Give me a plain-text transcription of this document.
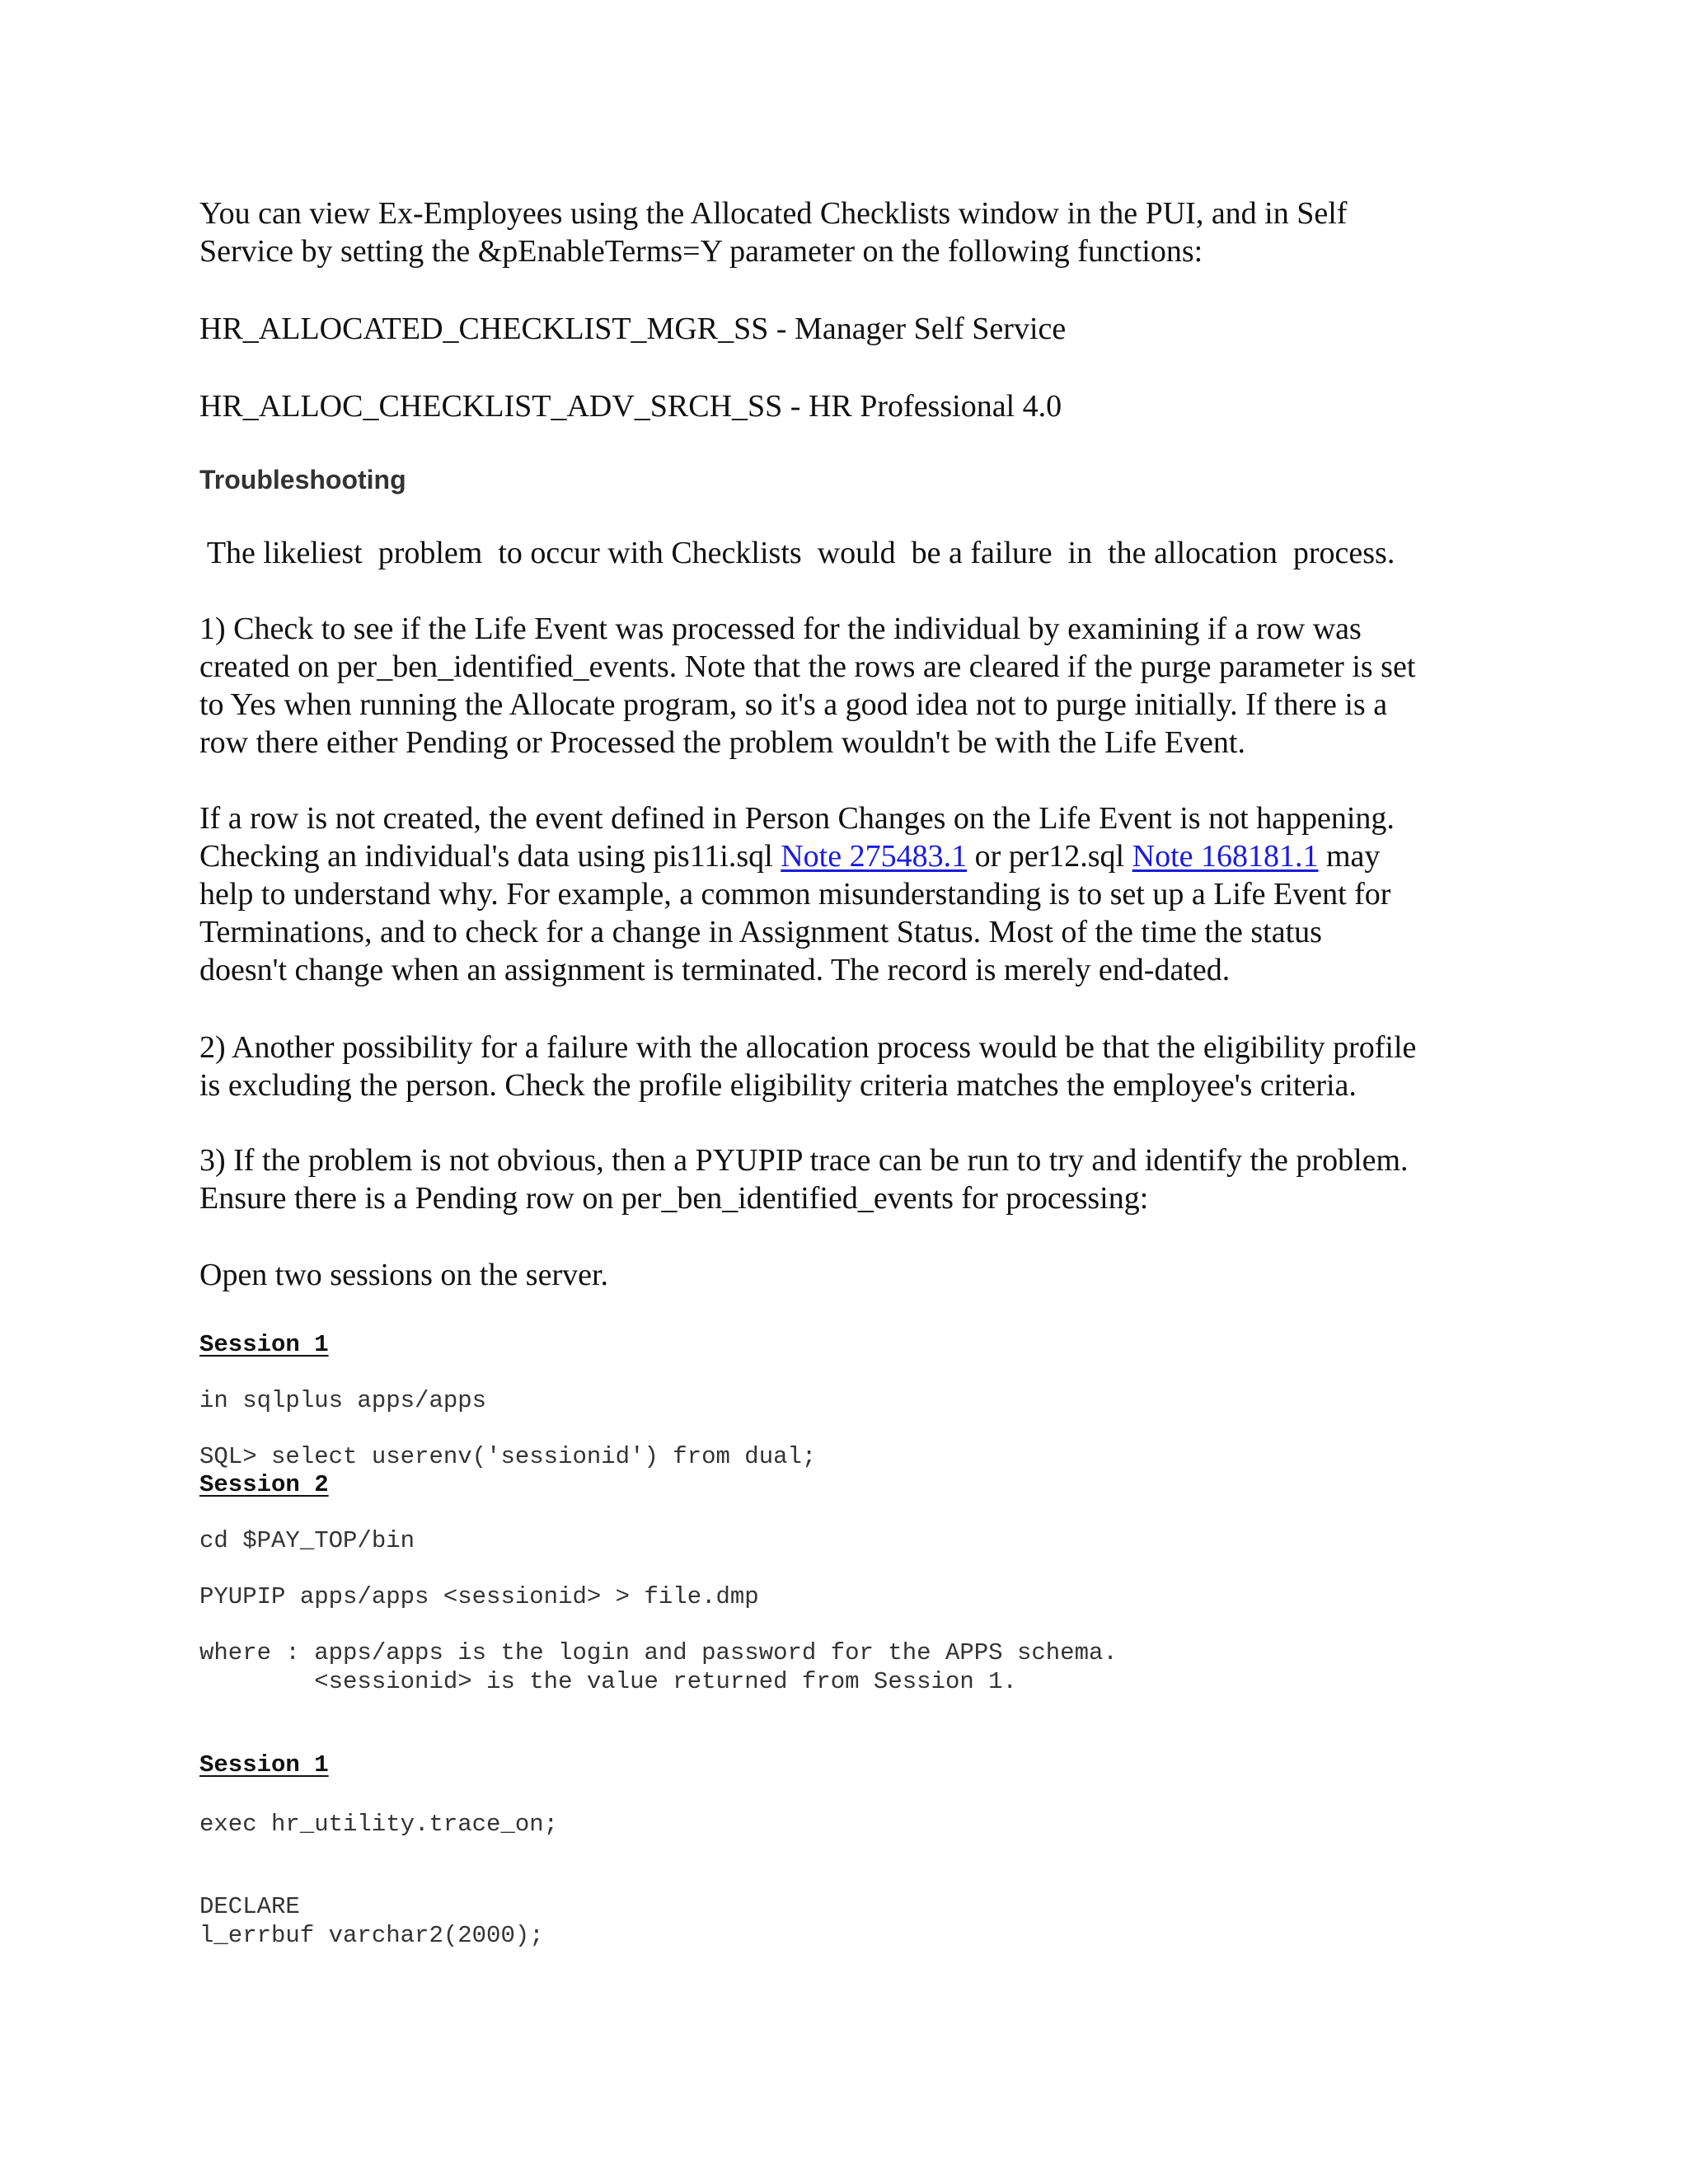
You can view Ex-Employees using the Allocated Checklists window in the PUI, and in Self
Service by setting the &pEnableTerms=Y parameter on the following functions:

HR_ALLOCATED_CHECKLIST_MGR_SS - Manager Self Service

HR_ALLOC_CHECKLIST_ADV_SRCH_SS - HR Professional 4.0

Troubleshooting

The likeliest  problem  to occur with Checklists  would  be a failure  in  the allocation  process.

1) Check to see if the Life Event was processed for the individual by examining if a row was
created on per_ben_identified_events. Note that the rows are cleared if the purge parameter is set
to Yes when running the Allocate program, so it's a good idea not to purge initially. If there is a
row there either Pending or Processed the problem wouldn't be with the Life Event.

If a row is not created, the event defined in Person Changes on the Life Event is not happening.
Checking an individual's data using pis11i.sql Note 275483.1 or per12.sql Note 168181.1 may
help to understand why. For example, a common misunderstanding is to set up a Life Event for
Terminations, and to check for a change in Assignment Status. Most of the time the status
doesn't change when an assignment is terminated. The record is merely end-dated.

2) Another possibility for a failure with the allocation process would be that the eligibility profile
is excluding the person. Check the profile eligibility criteria matches the employee's criteria.

3) If the problem is not obvious, then a PYUPIP trace can be run to try and identify the problem.
Ensure there is a Pending row on per_ben_identified_events for processing:

Open two sessions on the server.

Session 1
in sqlplus apps/apps
SQL> select userenv('sessionid') from dual;
Session 2
cd $PAY_TOP/bin
PYUPIP apps/apps <sessionid> > file.dmp
where : apps/apps is the login and password for the APPS schema.
<sessionid> is the value returned from Session 1.
Session 1
exec hr_utility.trace_on;
DECLARE
l_errbuf varchar2(2000);
